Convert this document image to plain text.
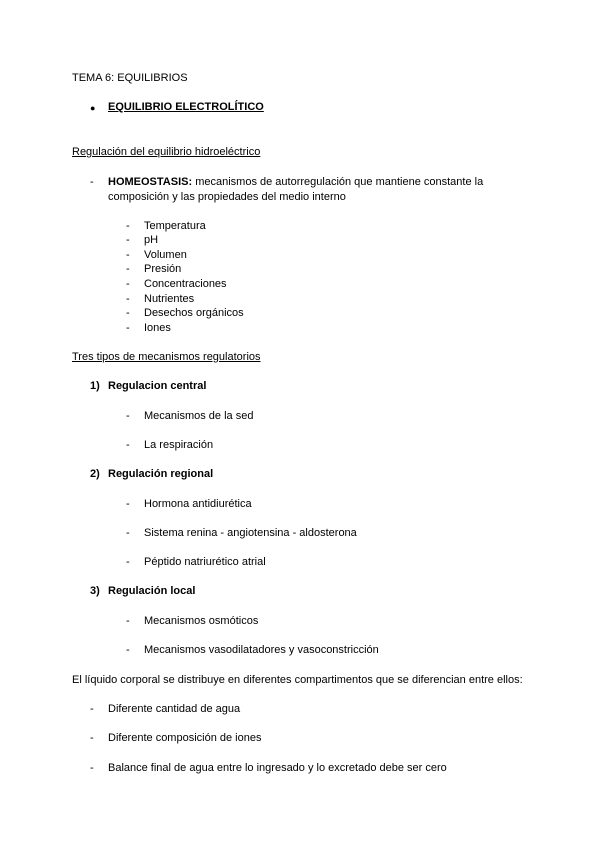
TEMA 6: EQUILIBRIOS
● EQUILIBRIO ELECTROLÍTICO
Regulación del equilibrio hidroeléctrico
- HOMEOSTASIS: mecanismos de autorregulación que mantiene constante la
composición y las propiedades del medio interno
- Temperatura
- pH
- Volumen
- Presión
- Concentraciones
- Nutrientes
- Desechos orgánicos
- Iones
Tres tipos de mecanismos regulatorios
1) Regulacion central
- Mecanismos de la sed
- La respiración
2) Regulación regional
- Hormona antidiurética
- Sistema renina - angiotensina - aldosterona
- Péptido natriurético atrial
3) Regulación local
- Mecanismos osmóticos
- Mecanismos vasodilatadores y vasoconstricción
El líquido corporal se distribuye en diferentes compartimentos que se diferencian entre ellos:
- Diferente cantidad de agua
- Diferente composición de iones
- Balance final de agua entre lo ingresado y lo excretado debe ser cero
